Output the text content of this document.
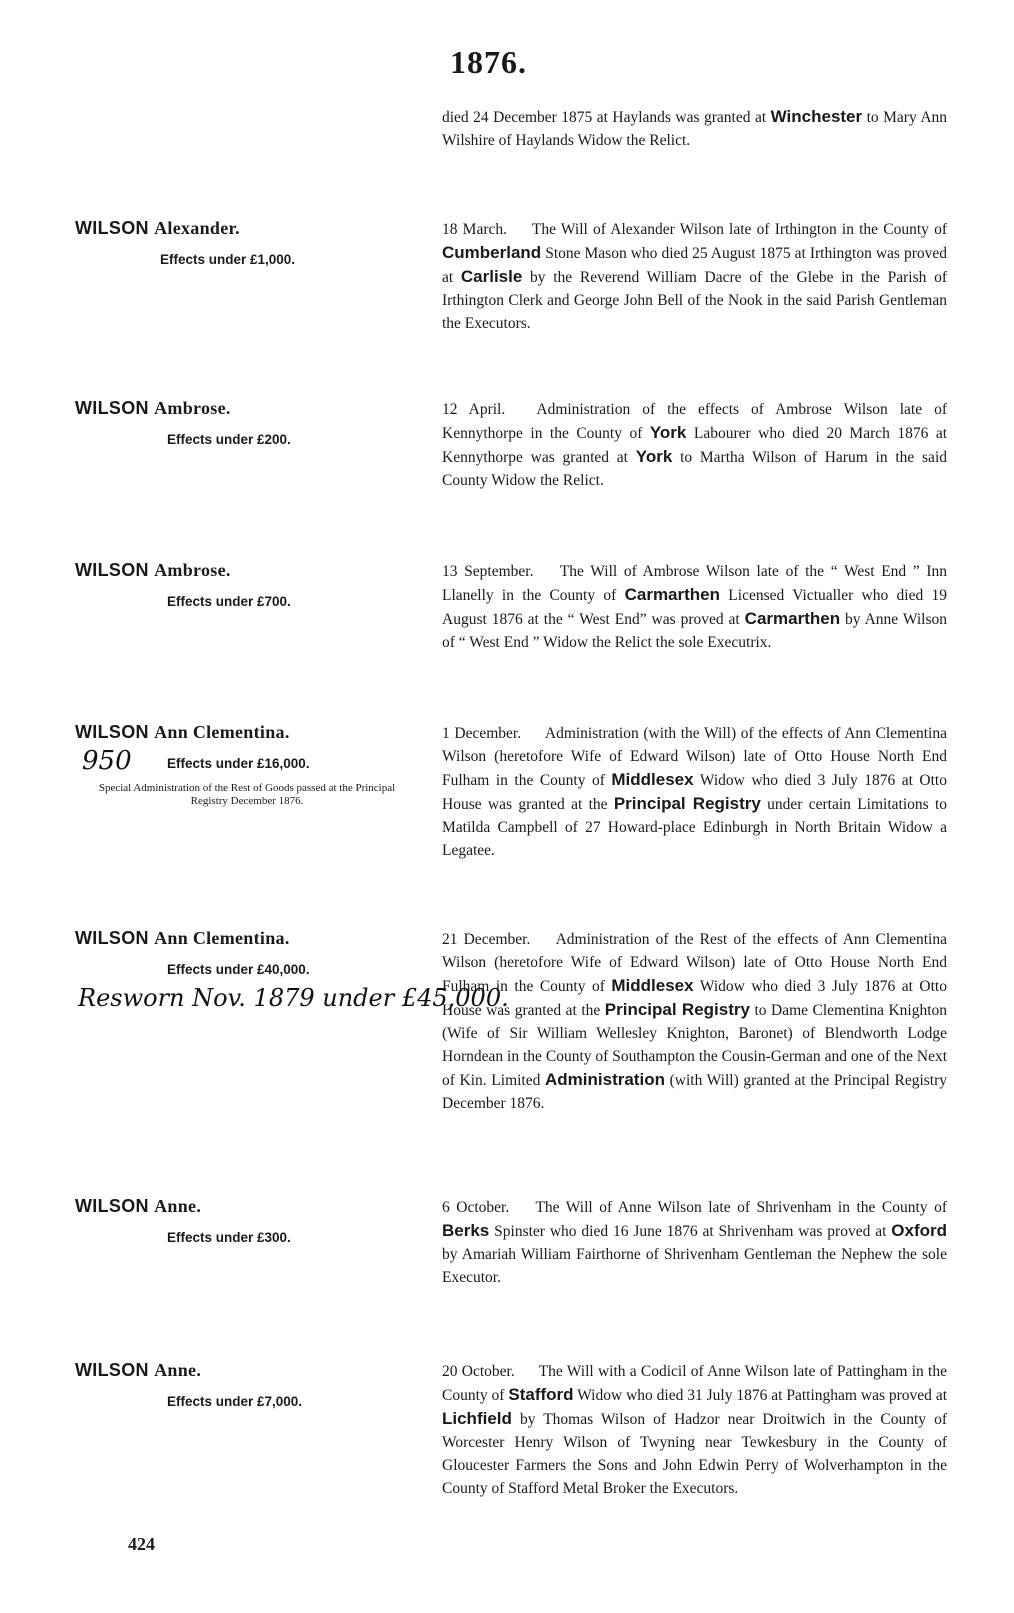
1876.
died 24 December 1875 at Haylands was granted at Winchester to Mary Ann Wilshire of Haylands Widow the Relict.
WILSON Alexander.
Effects under £1,000.
18 March. The Will of Alexander Wilson late of Irthington in the County of Cumberland Stone Mason who died 25 August 1875 at Irthington was proved at Carlisle by the Reverend William Dacre of the Glebe in the Parish of Irthington Clerk and George John Bell of the Nook in the said Parish Gentleman the Executors.
WILSON Ambrose.
Effects under £200.
12 April. Administration of the effects of Ambrose Wilson late of Kennythorpe in the County of York Labourer who died 20 March 1876 at Kennythorpe was granted at York to Martha Wilson of Harum in the said County Widow the Relict.
WILSON Ambrose.
Effects under £700.
13 September. The Will of Ambrose Wilson late of the “ West End ” Inn Llanelly in the County of Carmarthen Licensed Victualler who died 19 August 1876 at the “ West End” was proved at Carmarthen by Anne Wilson of “ West End ” Widow the Relict the sole Executrix.
WILSON Ann Clementina.
950	Effects under £16,000.
Special Administration of the Rest of Goods passed at the Principal Registry December 1876.
1 December. Administration (with the Will) of the effects of Ann Clementina Wilson (heretofore Wife of Edward Wilson) late of Otto House North End Fulham in the County of Middlesex Widow who died 3 July 1876 at Otto House was granted at the Principal Registry under certain Limitations to Matilda Campbell of 27 Howard-place Edinburgh in North Britain Widow a Legatee.
WILSON Ann Clementina.
Effects under £40,000.
Resworn Nov. 1879 under £45,000.
21 December. Administration of the Rest of the effects of Ann Clementina Wilson (heretofore Wife of Edward Wilson) late of Otto House North End Fulham in the County of Middlesex Widow who died 3 July 1876 at Otto House was granted at the Principal Registry to Dame Clementina Knighton (Wife of Sir William Wellesley Knighton, Baronet) of Blendworth Lodge Horndean in the County of Southampton the Cousin-German and one of the Next of Kin. Limited Administration (with Will) granted at the Principal Registry December 1876.
WILSON Anne.
Effects under £300.
6 October. The Will of Anne Wilson late of Shrivenham in the County of Berks Spinster who died 16 June 1876 at Shrivenham was proved at Oxford by Amariah William Fairthorne of Shrivenham Gentleman the Nephew the sole Executor.
WILSON Anne.
Effects under £7,000.
20 October. The Will with a Codicil of Anne Wilson late of Pattingham in the County of Stafford Widow who died 31 July 1876 at Pattingham was proved at Lichfield by Thomas Wilson of Hadzor near Droitwich in the County of Worcester Henry Wilson of Twyning near Tewkesbury in the County of Gloucester Farmers the Sons and John Edwin Perry of Wolverhampton in the County of Stafford Metal Broker the Executors.
424
